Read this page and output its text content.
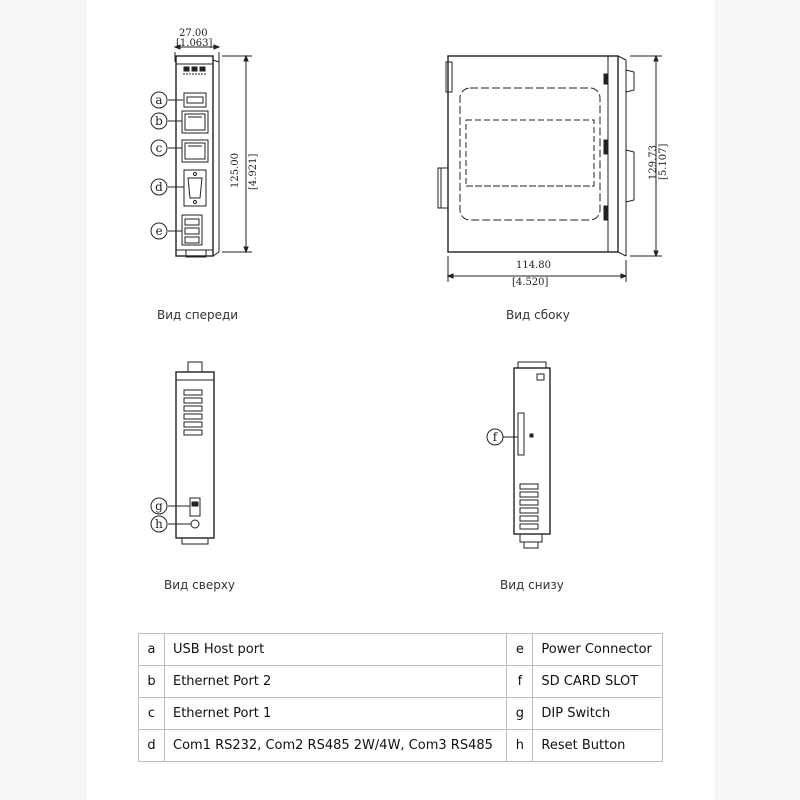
27.00
[1.063]
125.00 [4.921]
114.80
[4.520]
129.73 [5.107]
a
b
c
d
e
g
h
f
Вид спереди	Вид сбоку
Вид сверху	Вид снизу
a	USB Host port	e	Power Connector
b	Ethernet Port 2	f	SD CARD SLOT
c	Ethernet Port 1	g	DIP Switch
d	Com1 RS232, Com2 RS485 2W/4W, Com3 RS485	h	Reset Button
